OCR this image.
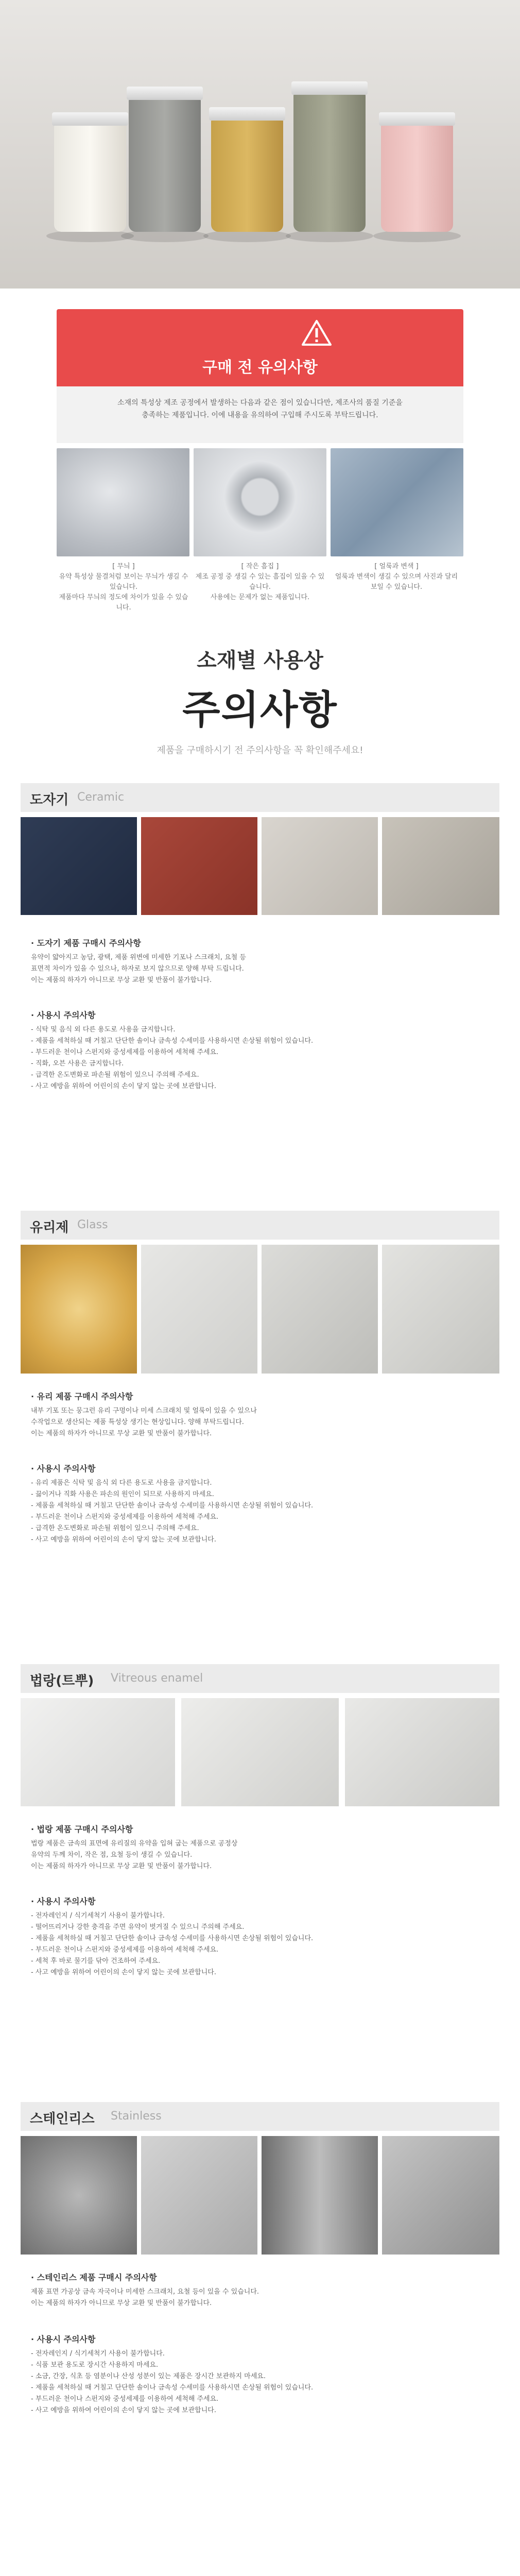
구매 전 유의사항

소재의 특성상 제조 공정에서 발생하는 다음과 같은 점이 있습니다만, 제조사의 품질 기준을

충족하는 제품입니다. 이에 내용을 유의하여 구입해 주시도록 부탁드립니다.

[ 무늬 ]

유약 특성상 물결처럼 보이는 무늬가 생길 수 있습니다.

제품마다 무늬의 정도에 차이가 있을 수 있습니다.

[ 작은 흠집 ]

제조 공정 중 생길 수 있는 흠집이 있을 수 있습니다.

사용에는 문제가 없는 제품입니다.

[ 얼룩과 변색 ]

얼룩과 변색이 생길 수 있으며 사진과 달리

보일 수 있습니다.

소재별 사용상
주의사항
제품을 구매하시기 전 주의사항을 꼭 확인해주세요!
도자기 Ceramic
· 도자기 제품 구매시 주의사항

유약이 얇아지고 농담, 광택, 제품 위변에 미세한 기포나 스크래치, 요철 등

표면적 차이가 있을 수 있으나, 하자로 보지 않으므로 양해 부탁 드립니다.

이는 제품의 하자가 아니므로 무상 교환 및 반품이 불가합니다.

· 사용시 주의사항

- 식탁 및 음식 외 다른 용도로 사용을 금지합니다.

- 제품을 세척하실 때 거칠고 단단한 솔이나 금속성 수세미를 사용하시면 손상될 위험이 있습니다.

- 부드러운 천이나 스펀지와 중성세제를 이용하여 세척해 주세요.

- 직화, 오븐 사용은 금지합니다.

- 급격한 온도변화로 파손될 위험이 있으니 주의해 주세요.

- 사고 예방을 위하여 어린이의 손이 닿지 않는 곳에 보관합니다.

유리제 Glass
· 유리 제품 구매시 주의사항

내부 기포 또는 뭉그런 유리 구멍이나 미세 스크래치 및 얼룩이 있을 수 있으나

수작업으로 생산되는 제품 특성상 생기는 현상입니다. 양해 부탁드립니다.

이는 제품의 하자가 아니므로 무상 교환 및 반품이 불가합니다.

· 사용시 주의사항

- 유리 제품은 식탁 및 음식 외 다른 용도로 사용을 금지합니다.

- 끓이거나 직화 사용은 파손의 원인이 되므로 사용하지 마세요.

- 제품을 세척하실 때 거칠고 단단한 솔이나 금속성 수세미를 사용하시면 손상될 위험이 있습니다.

- 부드러운 천이나 스펀지와 중성세제를 이용하여 세척해 주세요.

- 급격한 온도변화로 파손될 위험이 있으니 주의해 주세요.

- 사고 예방을 위하여 어린이의 손이 닿지 않는 곳에 보관합니다.

법랑(트뿌) Vitreous enamel
· 법랑 제품 구매시 주의사항

법랑 제품은 금속의 표면에 유리질의 유약을 입혀 굽는 제품으로 공정상

유약의 두께 차이, 작은 점, 요철 등이 생길 수 있습니다.

이는 제품의 하자가 아니므로 무상 교환 및 반품이 불가합니다.

· 사용시 주의사항

- 전자레인지 / 식기세척기 사용이 불가합니다.

- 떨어뜨리거나 강한 충격을 주면 유약이 벗겨질 수 있으니 주의해 주세요.

- 제품을 세척하실 때 거칠고 단단한 솔이나 금속성 수세미를 사용하시면 손상될 위험이 있습니다.

- 부드러운 천이나 스펀지와 중성세제를 이용하여 세척해 주세요.

- 세척 후 바로 물기를 닦아 건조하여 주세요.

- 사고 예방을 위하여 어린이의 손이 닿지 않는 곳에 보관합니다.

스테인리스 Stainless
· 스테인리스 제품 구매시 주의사항

제품 표면 가공상 금속 자국이나 미세한 스크래치, 요철 등이 있을 수 있습니다.

이는 제품의 하자가 아니므로 무상 교환 및 반품이 불가합니다.

· 사용시 주의사항

- 전자레인지 / 식기세척기 사용이 불가합니다.

- 식품 보관 용도로 장시간 사용하지 마세요.

- 소금, 간장, 식초 등 염분이나 산성 성분이 있는 제품은 장시간 보관하지 마세요.

- 제품을 세척하실 때 거칠고 단단한 솔이나 금속성 수세미를 사용하시면 손상될 위험이 있습니다.

- 부드러운 천이나 스펀지와 중성세제를 이용하여 세척해 주세요.

- 사고 예방을 위하여 어린이의 손이 닿지 않는 곳에 보관합니다.
